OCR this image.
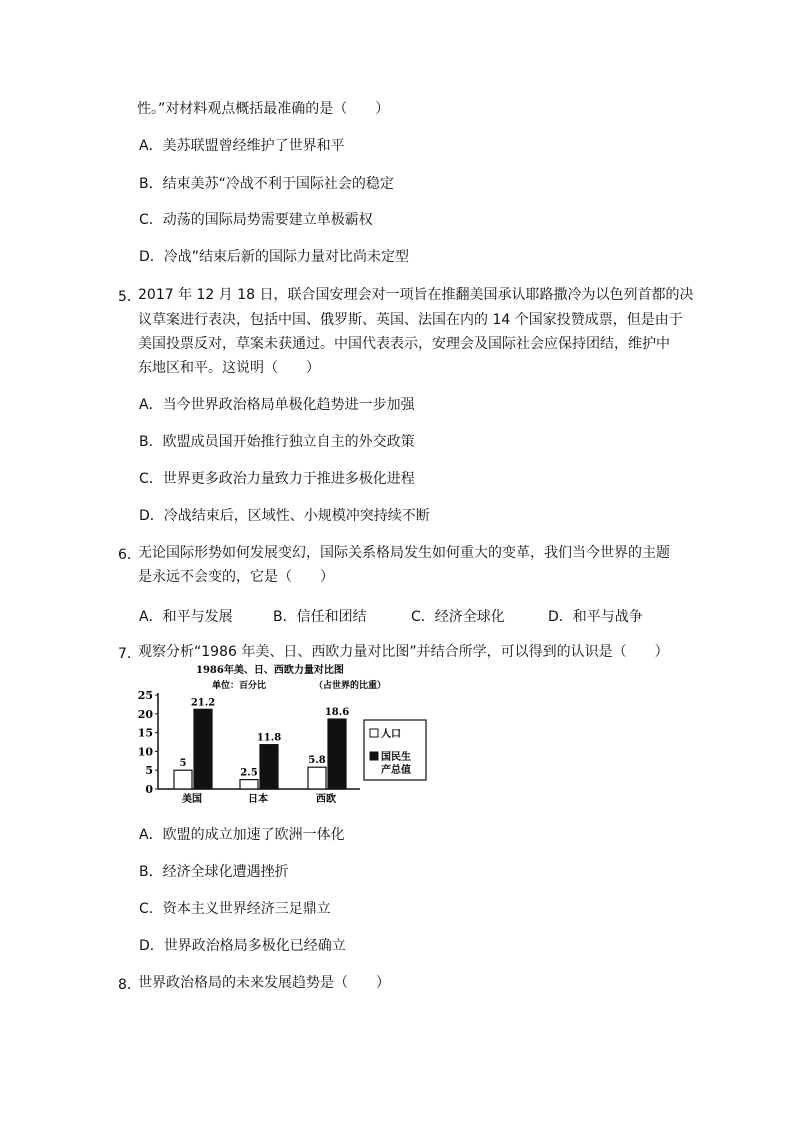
性。”对材料观点概括最准确的是（　　）
A．美苏联盟曾经维护了世界和平
B．结束美苏“冷战不利于国际社会的稳定
C．动荡的国际局势需要建立单极霸权
D．冷战”结束后新的国际力量对比尚未定型
5．
2017 年 12 月 18 日，联合国安理会对一项旨在推翻美国承认耶路撒冷为以色列首都的决
议草案进行表决，包括中国、俄罗斯、英国、法国在内的 14 个国家投赞成票，但是由于
美国投票反对，草案未获通过。中国代表表示，安理会及国际社会应保持团结，维护中
东地区和平。这说明（　　）
A．当今世界政治格局单极化趋势进一步加强
B．欧盟成员国开始推行独立自主的外交政策
C．世界更多政治力量致力于推进多极化进程
D．冷战结束后，区域性、小规模冲突持续不断
6．
无论国际形势如何发展变幻，国际关系格局发生如何重大的变革，我们当今世界的主题
是永远不会变的，它是（　　）
A．和平与发展	B．信任和团结	C．经济全球化	D．和平与战争
7．
观察分析“1986 年美、日、西欧力量对比图”并结合所学，可以得到的认识是（　　）
1986年美、日、西欧力量对比图
单位：百分比	（占世界的比重）
25
20
15
10
5
0
5
21.2
美国
2.5
11.8
日本
5.8
18.6
西欧
人口
国民生
产总值
A．欧盟的成立加速了欧洲一体化
B．经济全球化遭遇挫折
C．资本主义世界经济三足鼎立
D．世界政治格局多极化已经确立
8．
世界政治格局的未来发展趋势是（　　）
